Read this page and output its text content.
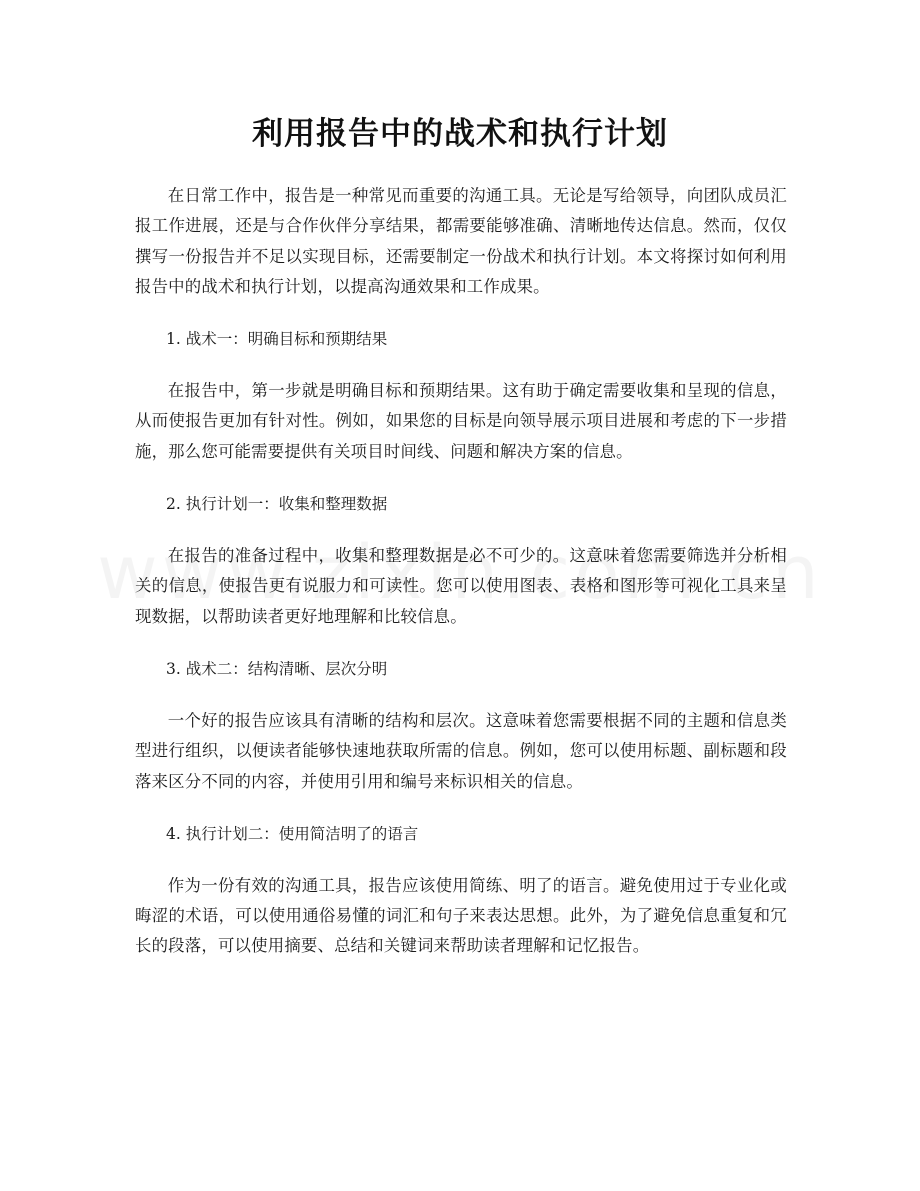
利用报告中的战术和执行计划

在日常工作中，报告是一种常见而重要的沟通工具。无论是写给领导，向团队成员汇报工作进展，还是与合作伙伴分享结果，都需要能够准确、清晰地传达信息。然而，仅仅撰写一份报告并不足以实现目标，还需要制定一份战术和执行计划。本文将探讨如何利用报告中的战术和执行计划，以提高沟通效果和工作成果。

1. 战术一：明确目标和预期结果

在报告中，第一步就是明确目标和预期结果。这有助于确定需要收集和呈现的信息，从而使报告更加有针对性。例如，如果您的目标是向领导展示项目进展和考虑的下一步措施，那么您可能需要提供有关项目时间线、问题和解决方案的信息。

2. 执行计划一：收集和整理数据

在报告的准备过程中，收集和整理数据是必不可少的。这意味着您需要筛选并分析相关的信息，使报告更有说服力和可读性。您可以使用图表、表格和图形等可视化工具来呈现数据，以帮助读者更好地理解和比较信息。

3. 战术二：结构清晰、层次分明

一个好的报告应该具有清晰的结构和层次。这意味着您需要根据不同的主题和信息类型进行组织，以便读者能够快速地获取所需的信息。例如，您可以使用标题、副标题和段落来区分不同的内容，并使用引用和编号来标识相关的信息。

4. 执行计划二：使用简洁明了的语言

作为一份有效的沟通工具，报告应该使用简练、明了的语言。避免使用过于专业化或晦涩的术语，可以使用通俗易懂的词汇和句子来表达思想。此外，为了避免信息重复和冗长的段落，可以使用摘要、总结和关键词来帮助读者理解和记忆报告。
